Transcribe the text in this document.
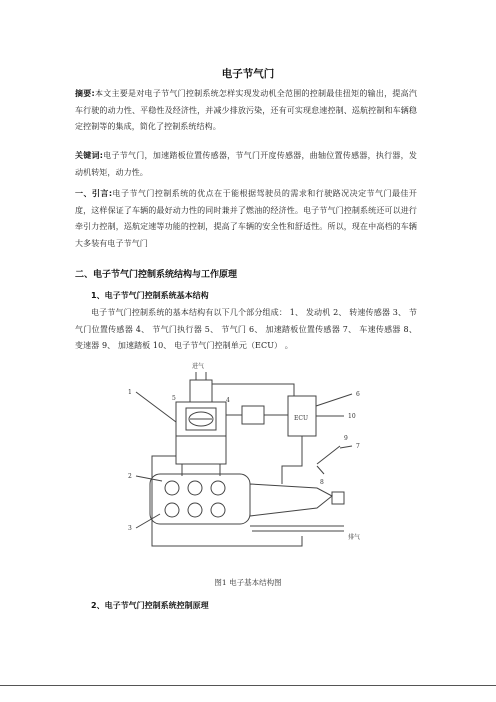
电子节气门
摘要:本文主要是对电子节气门控制系统怎样实现发动机全范围的控制最佳扭矩的输出，提高汽车行驶的动力性、平稳性及经济性，并减少排放污染，还有可实现怠速控制、巡航控制和车辆稳定控制等的集成，简化了控制系统结构。
关键词:电子节气门，加速踏板位置传感器，节气门开度传感器，曲轴位置传感器，执行器，发动机转矩，动力性。
一、引言:电子节气门控制系统的优点在于能根据驾驶员的需求和行驶路况决定节气门最佳开度，这样保证了车辆的最好动力性的同时兼并了燃油的经济性。电子节气门控制系统还可以进行牵引力控制，巡航定速等功能的控制，提高了车辆的安全性和舒适性。所以，现在中高档的车辆大多装有电子节气门
二、电子节气门控制系统结构与工作原理
1、电子节气门控制系统基本结构
电子节气门控制系统的基本结构有以下几个部分组成： 1、 发动机 2、 转速传感器 3、 节气门位置传感器 4、 节气门执行器 5、 节气门 6、 加速踏板位置传感器 7、 车速传感器 8、 变速器 9、 加速踏板 10、 电子节气门控制单元（ECU） 。
进气
排气
ECU
1
2
3
4
5
6
7
8
9
10
图1 电子基本结构图
2、电子节气门控制系统控制原理
